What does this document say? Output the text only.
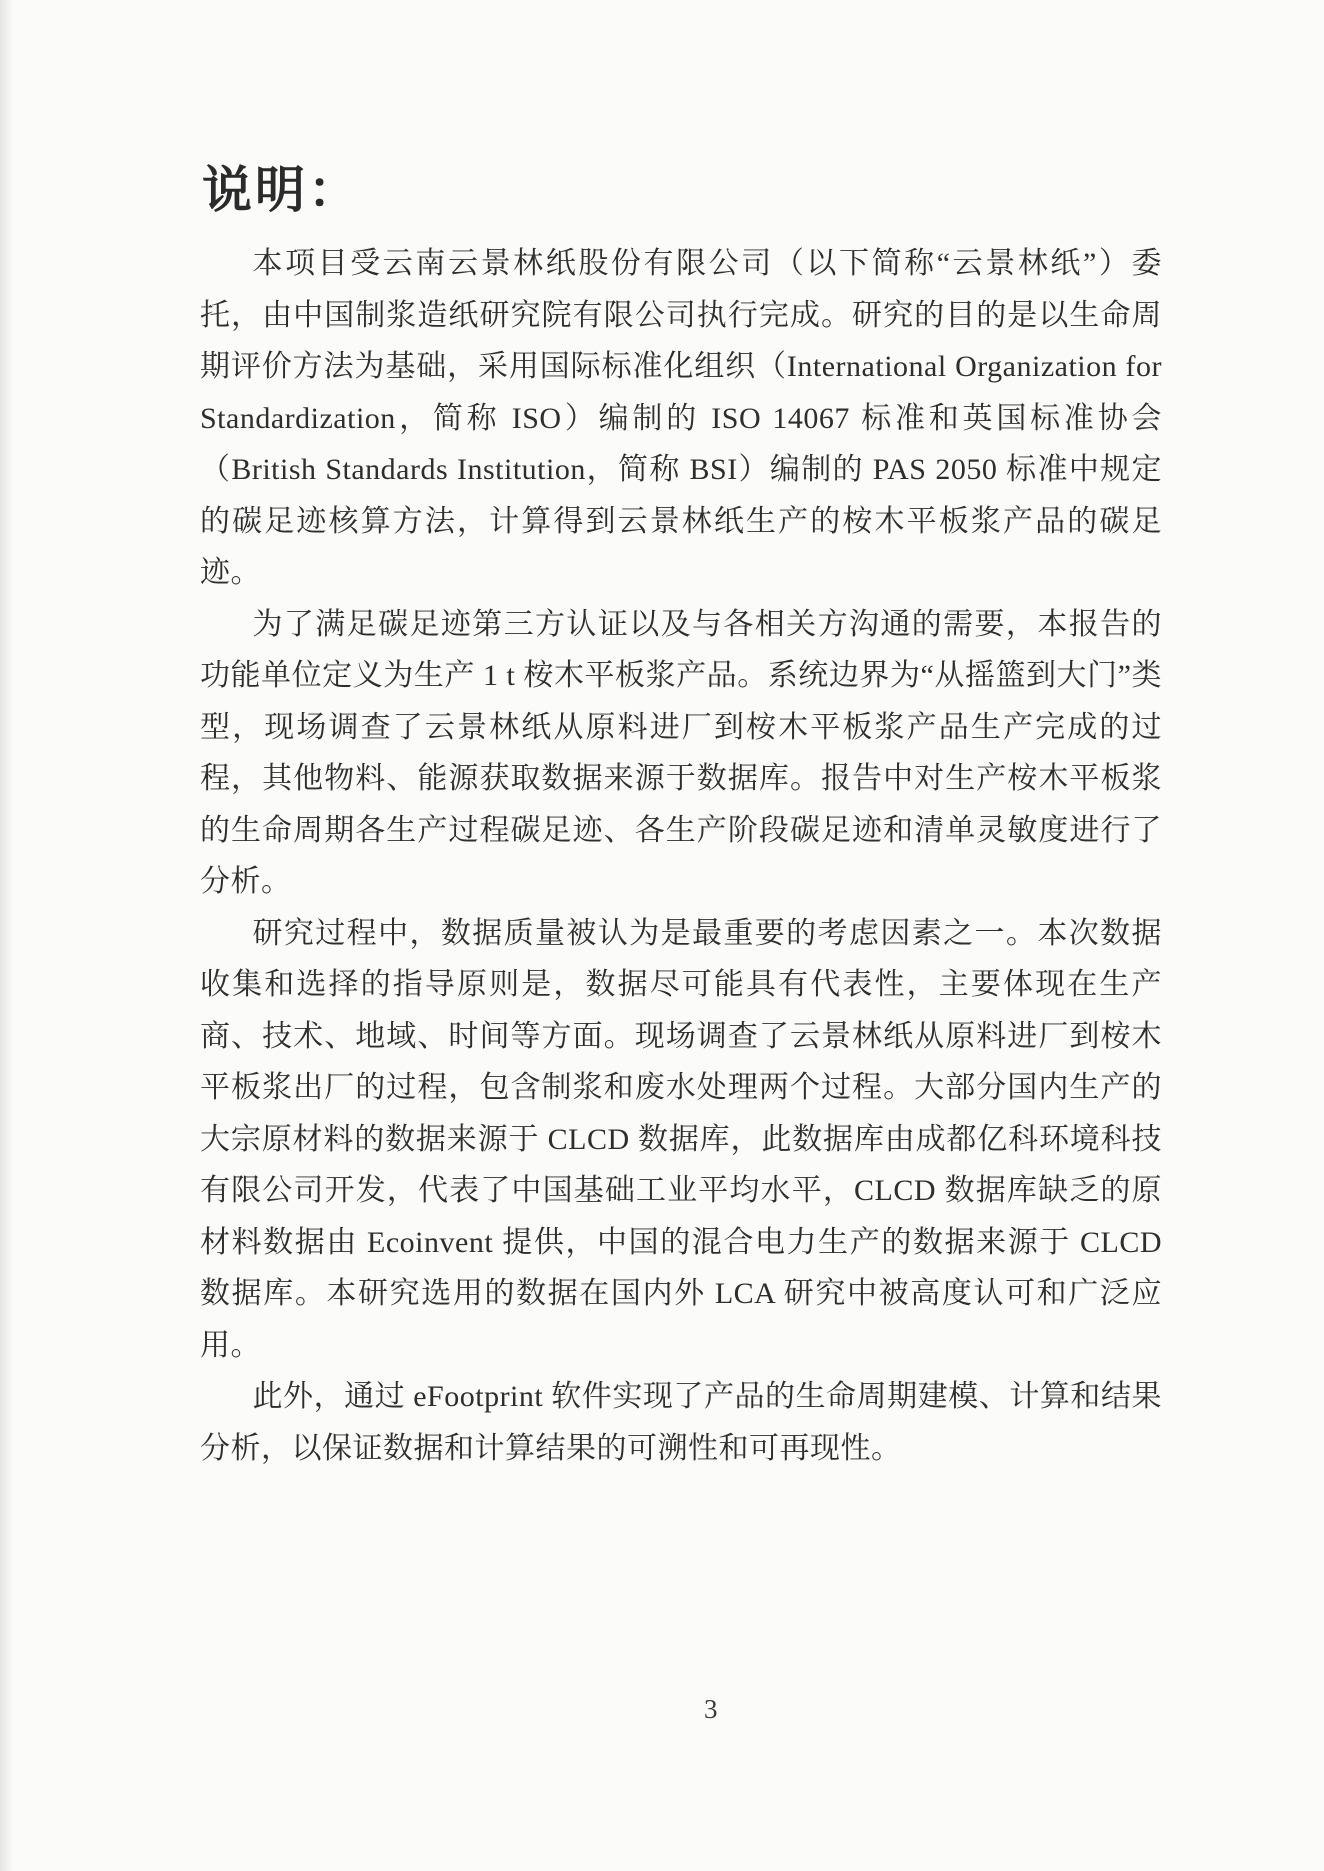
说明：

本项目受云南云景林纸股份有限公司（以下简称“云景林纸”）委托，由中国制浆造纸研究院有限公司执行完成。研究的目的是以生命周期评价方法为基础，采用国际标准化组织（International Organization for Standardization，简称 ISO）编制的 ISO 14067 标准和英国标准协会（British Standards Institution，简称 BSI）编制的 PAS 2050 标准中规定的碳足迹核算方法，计算得到云景林纸生产的桉木平板浆产品的碳足迹。

为了满足碳足迹第三方认证以及与各相关方沟通的需要，本报告的功能单位定义为生产 1 t 桉木平板浆产品。系统边界为“从摇篮到大门”类型，现场调查了云景林纸从原料进厂到桉木平板浆产品生产完成的过程，其他物料、能源获取数据来源于数据库。报告中对生产桉木平板浆的生命周期各生产过程碳足迹、各生产阶段碳足迹和清单灵敏度进行了分析。

研究过程中，数据质量被认为是最重要的考虑因素之一。本次数据收集和选择的指导原则是，数据尽可能具有代表性，主要体现在生产商、技术、地域、时间等方面。现场调查了云景林纸从原料进厂到桉木平板浆出厂的过程，包含制浆和废水处理两个过程。大部分国内生产的大宗原材料的数据来源于 CLCD 数据库，此数据库由成都亿科环境科技有限公司开发，代表了中国基础工业平均水平，CLCD 数据库缺乏的原材料数据由 Ecoinvent 提供，中国的混合电力生产的数据来源于 CLCD 数据库。本研究选用的数据在国内外 LCA 研究中被高度认可和广泛应用。

此外，通过 eFootprint 软件实现了产品的生命周期建模、计算和结果分析，以保证数据和计算结果的可溯性和可再现性。

3
